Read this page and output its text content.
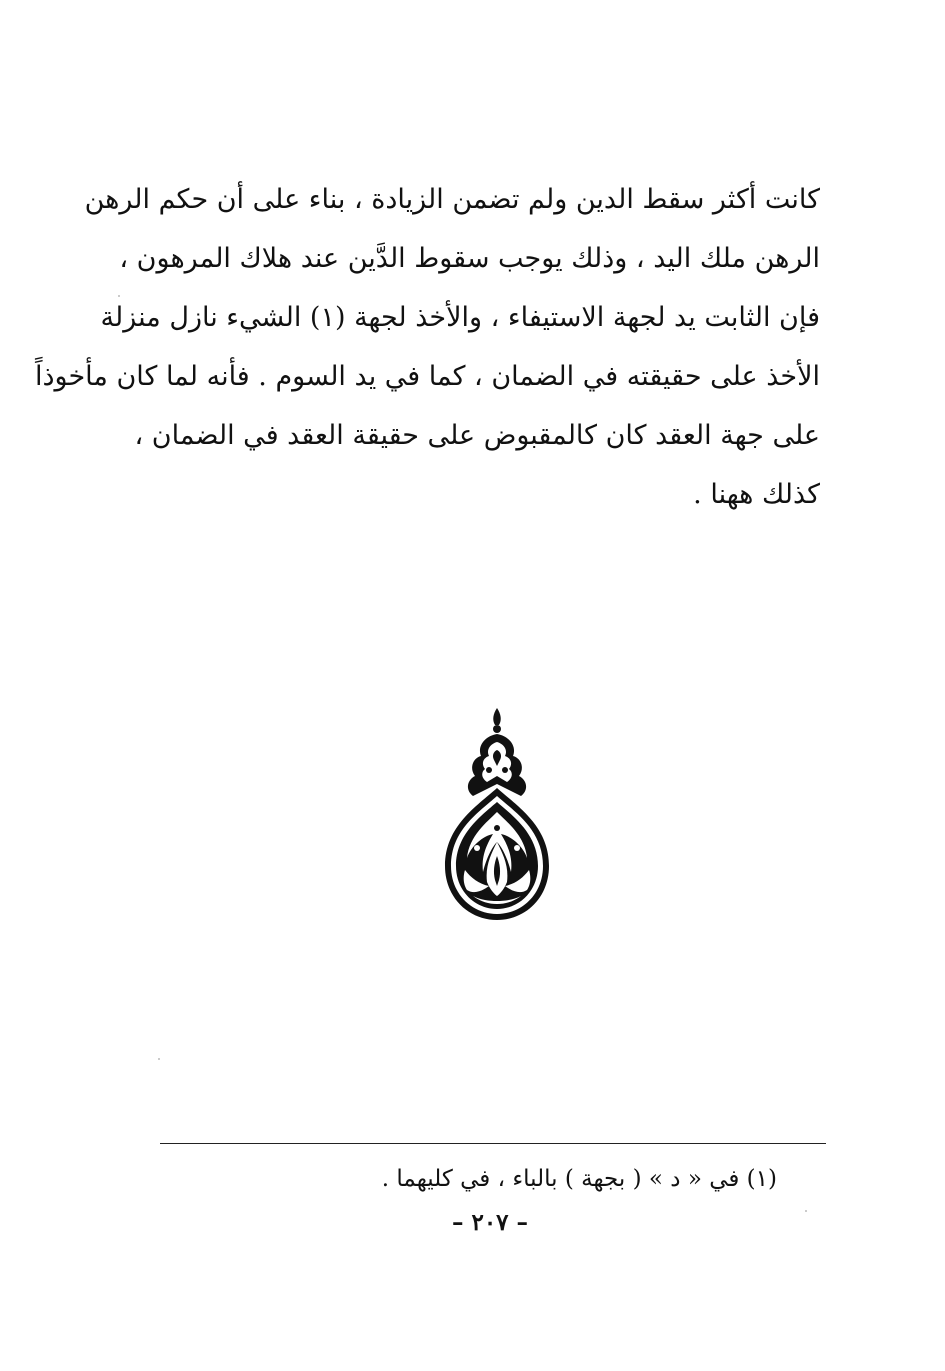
كانت أكثر سقط الدين ولم تضمن الزيادة ، بناء على أن حكم الرهن
الرهن ملك اليد ، وذلك يوجب سقوط الدَّين عند هلاك المرهون ،
فإن الثابت يد لجهة الاستيفاء ، والأخذ لجهة (١) الشيء نازل منزلة
الأخذ على حقيقته في الضمان ، كما في يد السوم . فأنه لما كان مأخوذاً
على جهة العقد كان كالمقبوض على حقيقة العقد في الضمان ،
كذلك ههنا .
(١) في « د » ( بجهة ) بالباء ، في كليهما .
– ٢٠٧ –
